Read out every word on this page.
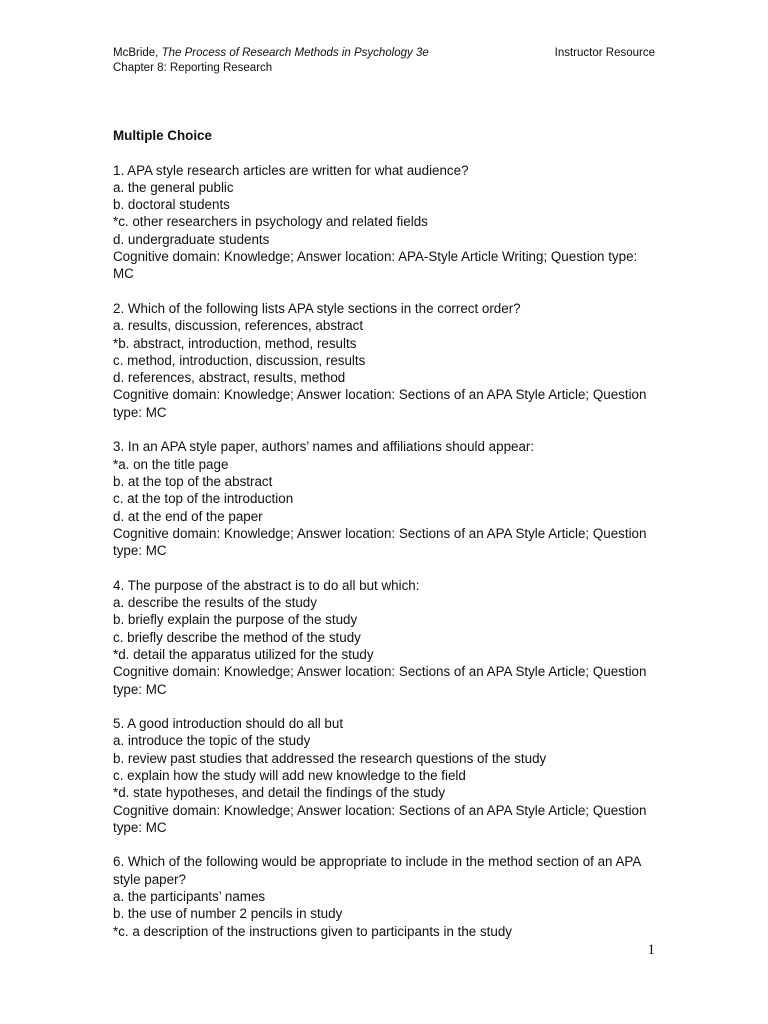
McBride, The Process of Research Methods in Psychology 3e
Chapter 8: Reporting Research
Instructor Resource
Multiple Choice
1. APA style research articles are written for what audience?
a. the general public
b. doctoral students
*c. other researchers in psychology and related fields
d. undergraduate students
Cognitive domain: Knowledge; Answer location: APA-Style Article Writing; Question type: MC
2. Which of the following lists APA style sections in the correct order?
a. results, discussion, references, abstract
*b. abstract, introduction, method, results
c. method, introduction, discussion, results
d. references, abstract, results, method
Cognitive domain: Knowledge; Answer location: Sections of an APA Style Article; Question type: MC
3. In an APA style paper, authors’ names and affiliations should appear:
*a. on the title page
b. at the top of the abstract
c. at the top of the introduction
d. at the end of the paper
Cognitive domain: Knowledge; Answer location: Sections of an APA Style Article; Question type: MC
4. The purpose of the abstract is to do all but which:
a. describe the results of the study
b. briefly explain the purpose of the study
c. briefly describe the method of the study
*d. detail the apparatus utilized for the study
Cognitive domain: Knowledge; Answer location: Sections of an APA Style Article; Question type: MC
5. A good introduction should do all but
a. introduce the topic of the study
b. review past studies that addressed the research questions of the study
c. explain how the study will add new knowledge to the field
*d. state hypotheses, and detail the findings of the study
Cognitive domain: Knowledge; Answer location: Sections of an APA Style Article; Question type: MC
6. Which of the following would be appropriate to include in the method section of an APA style paper?
a. the participants’ names
b. the use of number 2 pencils in study
*c. a description of the instructions given to participants in the study
1
